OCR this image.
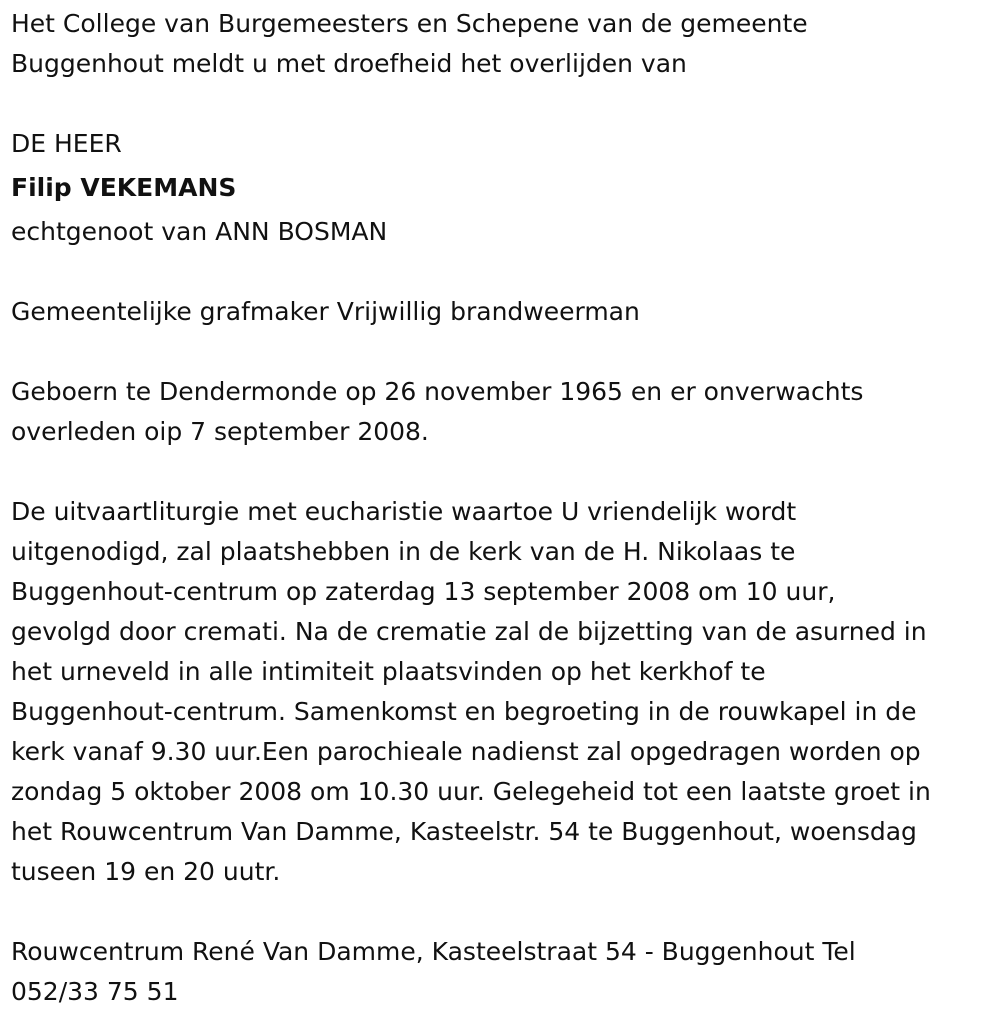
Het College van Burgemeesters en Schepene van de gemeente

Buggenhout meldt u met droefheid het overlijden van

DE HEER

Filip VEKEMANS

echtgenoot van ANN BOSMAN

Gemeentelijke grafmaker Vrijwillig brandweerman

Geboern te Dendermonde op 26 november 1965 en er onverwachts

overleden oip 7 september 2008.

De uitvaartliturgie met eucharistie waartoe U vriendelijk wordt

uitgenodigd, zal plaatshebben in de kerk van de H. Nikolaas te

Buggenhout-centrum op zaterdag 13 september 2008 om 10 uur,

gevolgd door cremati. Na de crematie zal de bijzetting van de asurned in

het urneveld in alle intimiteit plaatsvinden op het kerkhof te

Buggenhout-centrum. Samenkomst en begroeting in de rouwkapel in de

kerk vanaf 9.30 uur.Een parochieale nadienst zal opgedragen worden op

zondag 5 oktober 2008 om 10.30 uur. Gelegeheid tot een laatste groet in

het Rouwcentrum Van Damme, Kasteelstr. 54 te Buggenhout, woensdag

tuseen 19 en 20 uutr.

Rouwcentrum René Van Damme, Kasteelstraat 54 - Buggenhout Tel

052/33 75 51
